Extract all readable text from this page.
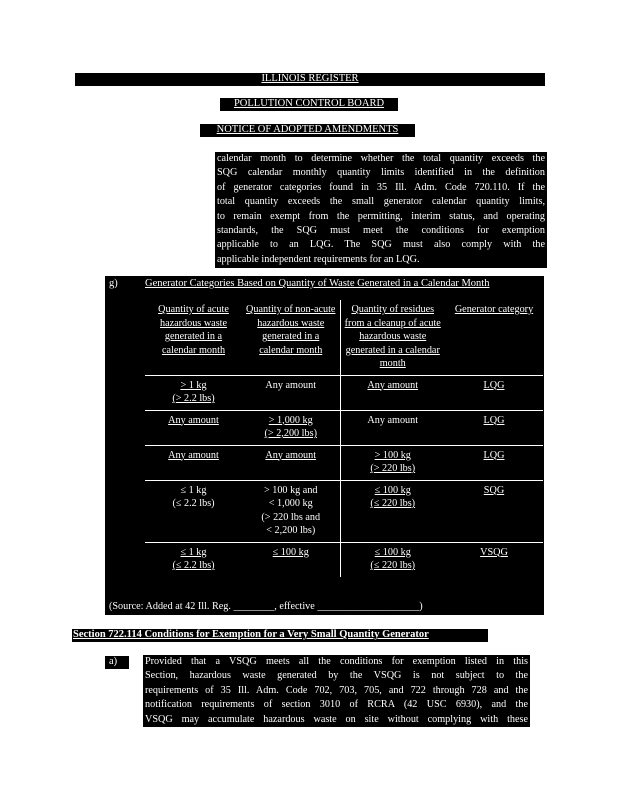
ILLINOIS REGISTER
POLLUTION CONTROL BOARD
NOTICE OF ADOPTED AMENDMENTS
calendar month to determine whether the total quantity exceeds the
SQG calendar monthly quantity limits identified in the definition
of generator categories found in 35 Ill. Adm. Code 720.110. If the
total quantity exceeds the small generator calendar quantity limits,
to remain exempt from the permitting, interim status, and operating
standards, the SQG must meet the conditions for exemption
applicable to an LQG. The SQG must also comply with the
applicable independent requirements for an LQG.
g)	Generator Categories Based on Quantity of Waste Generated in a Calendar Month
(Source: Added at 42 Ill. Reg. ________, effective ____________________)
Quantity of acute hazardous waste generated in a calendar month	Quantity of non-acute hazardous waste generated in a calendar month	Quantity of residues from a cleanup of acute hazardous waste generated in a calendar month	Generator category
> 1 kg
(> 2.2 lbs)	Any amount	Any amount	LQG
Any amount	> 1,000 kg
(> 2,200 lbs)	Any amount	LQG
Any amount	Any amount	> 100 kg
(> 220 lbs)	LQG
≤ 1 kg
(≤ 2.2 lbs)	> 100 kg and
< 1,000 kg
(> 220 lbs and
< 2,200 lbs)	≤ 100 kg
(≤ 220 lbs)	SQG
≤ 1 kg
(≤ 2.2 lbs)	≤ 100 kg	≤ 100 kg
(≤ 220 lbs)	VSQG
Section 722.114 Conditions for Exemption for a Very Small Quantity Generator
a)	Provided that a VSQG meets all the conditions for exemption listed in this
Section, hazardous waste generated by the VSQG is not subject to the
requirements of 35 Ill. Adm. Code 702, 703, 705, and 722 through 728 and the
notification requirements of section 3010 of RCRA (42 USC 6930), and the
VSQG may accumulate hazardous waste on site without complying with these
